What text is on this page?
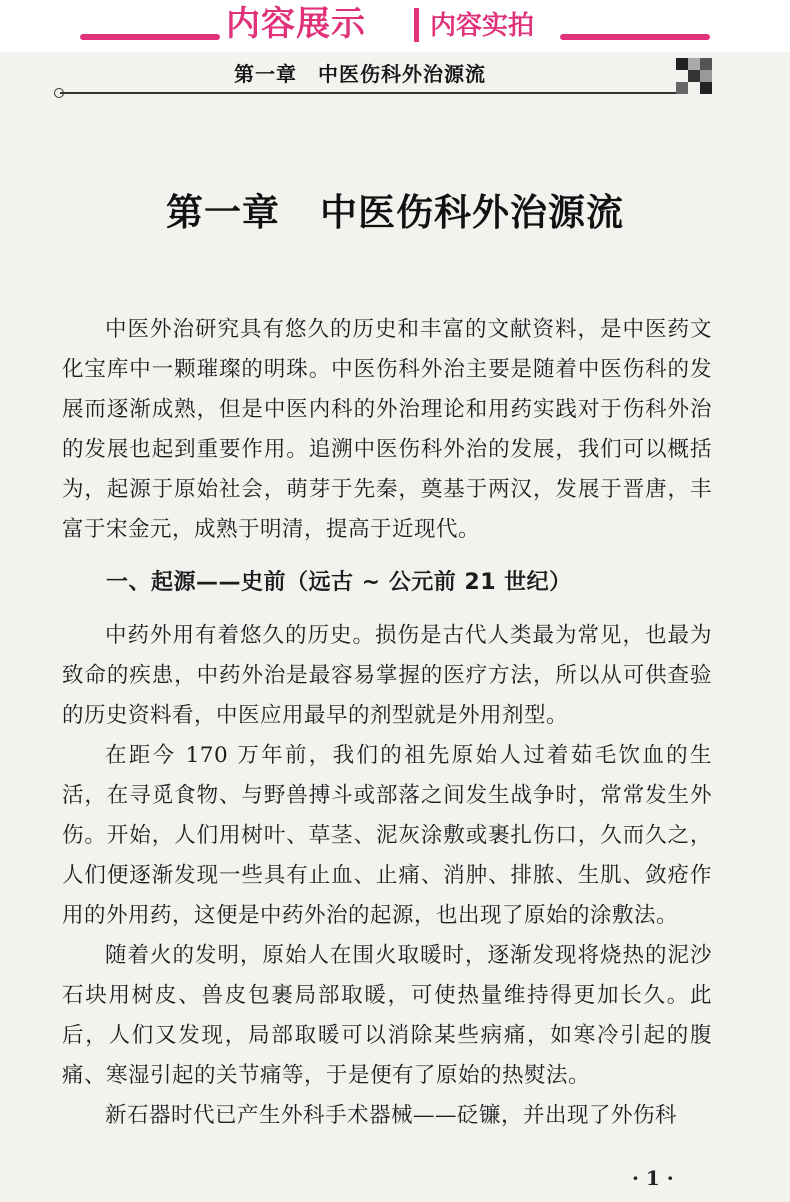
内容展示 内容实拍
第一章　中医伤科外治源流
第一章 中医伤科外治源流

中医外治研究具有悠久的历史和丰富的文献资料，是中医药文化宝库中一颗璀璨的明珠。中医伤科外治主要是随着中医伤科的发展而逐渐成熟，但是中医内科的外治理论和用药实践对于伤科外治的发展也起到重要作用。追溯中医伤科外治的发展，我们可以概括为，起源于原始社会，萌芽于先秦，奠基于两汉，发展于晋唐，丰富于宋金元，成熟于明清，提高于近现代。

一、起源——史前（远古 ~ 公元前 21 世纪）

中药外用有着悠久的历史。损伤是古代人类最为常见，也最为致命的疾患，中药外治是最容易掌握的医疗方法，所以从可供查验的历史资料看，中医应用最早的剂型就是外用剂型。

在距今 170 万年前，我们的祖先原始人过着茹毛饮血的生活，在寻觅食物、与野兽搏斗或部落之间发生战争时，常常发生外伤。开始，人们用树叶、草茎、泥灰涂敷或裹扎伤口，久而久之，人们便逐渐发现一些具有止血、止痛、消肿、排脓、生肌、敛疮作用的外用药，这便是中药外治的起源，也出现了原始的涂敷法。

随着火的发明，原始人在围火取暖时，逐渐发现将烧热的泥沙石块用树皮、兽皮包裹局部取暖，可使热量维持得更加长久。此后，人们又发现，局部取暖可以消除某些病痛，如寒冷引起的腹痛、寒湿引起的关节痛等，于是便有了原始的热熨法。

新石器时代已产生外科手术器械——砭镰，并出现了外伤科

· 1 ·
